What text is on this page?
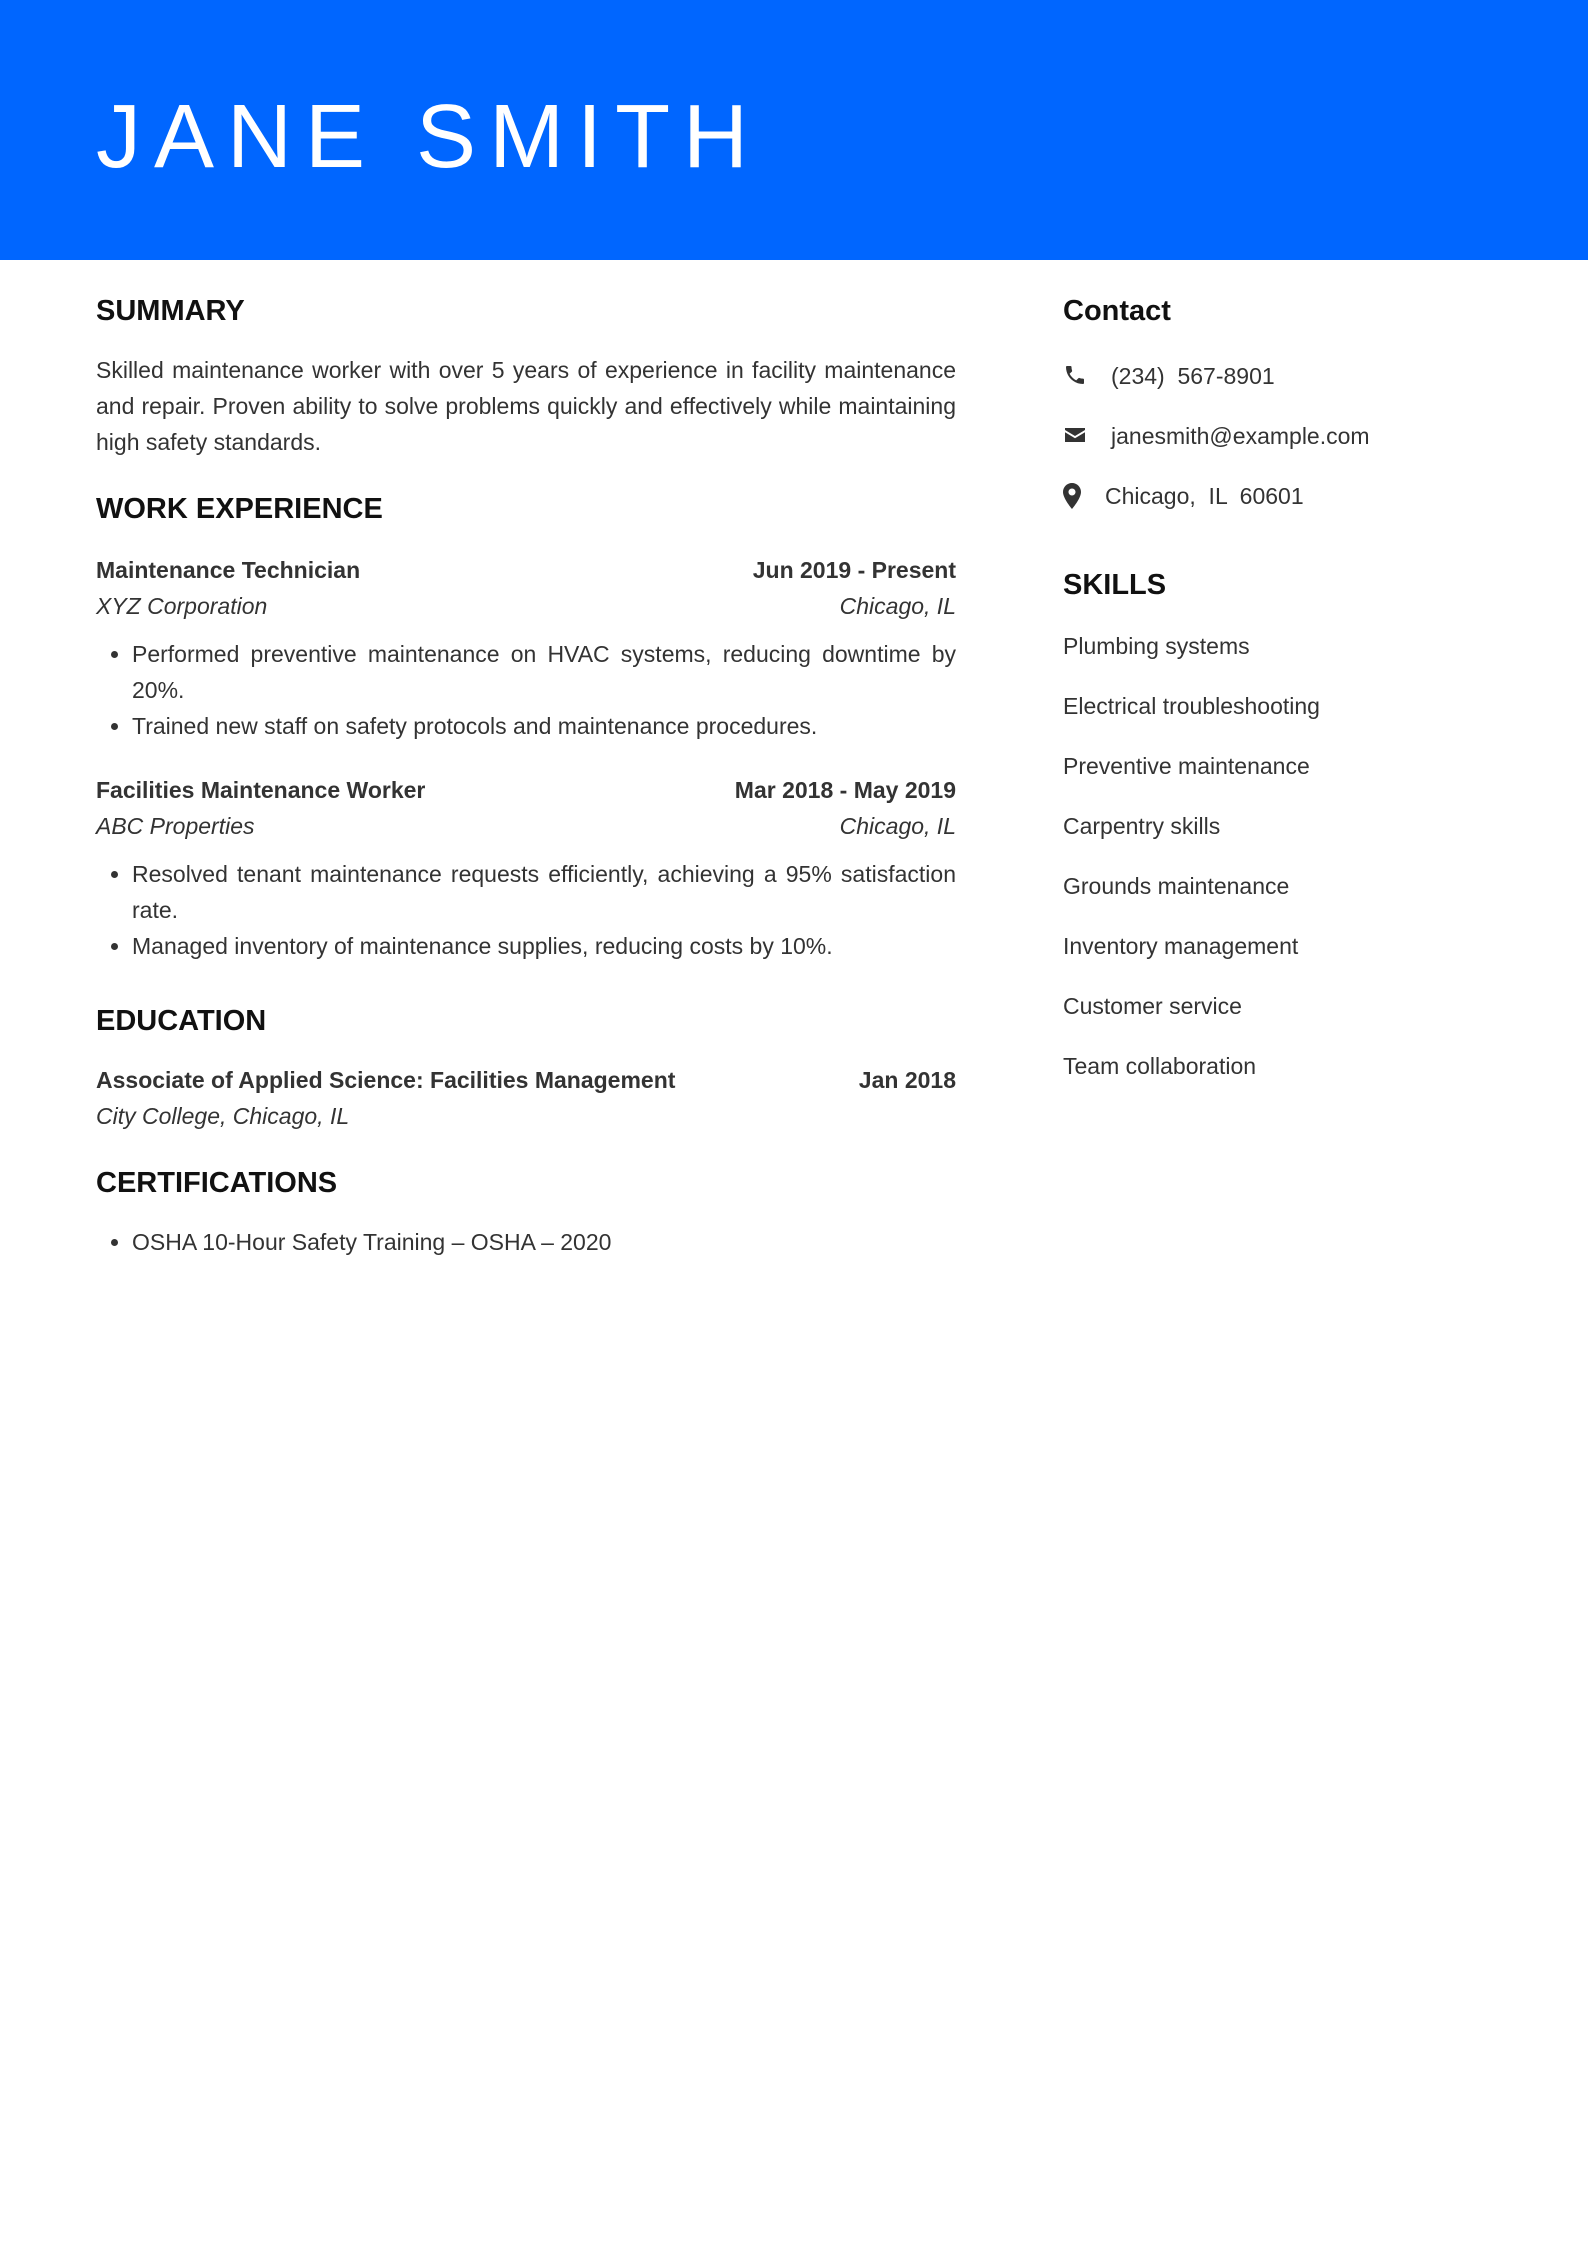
JANE SMITH
SUMMARY

Skilled maintenance worker with over 5 years of experience in facility maintenance and repair. Proven ability to solve problems quickly and effectively while maintaining high safety standards.

WORK EXPERIENCE
Maintenance Technician	Jun 2019 - Present
XYZ Corporation	Chicago, IL
• Performed preventive maintenance on HVAC systems, reducing downtime by 20%.
• Trained new staff on safety protocols and maintenance procedures.
Facilities Maintenance Worker	Mar 2018 - May 2019
ABC Properties	Chicago, IL
• Resolved tenant maintenance requests efficiently, achieving a 95% satisfaction rate.
• Managed inventory of maintenance supplies, reducing costs by 10%.
EDUCATION
Associate of Applied Science: Facilities Management	Jan 2018
City College, Chicago, IL
CERTIFICATIONS
• OSHA 10-Hour Safety Training – OSHA – 2020
Contact
(234)  567-8901
janesmith@example.com
Chicago,  IL  60601
SKILLS

Plumbing systems

Electrical troubleshooting

Preventive maintenance

Carpentry skills

Grounds maintenance

Inventory management

Customer service

Team collaboration
